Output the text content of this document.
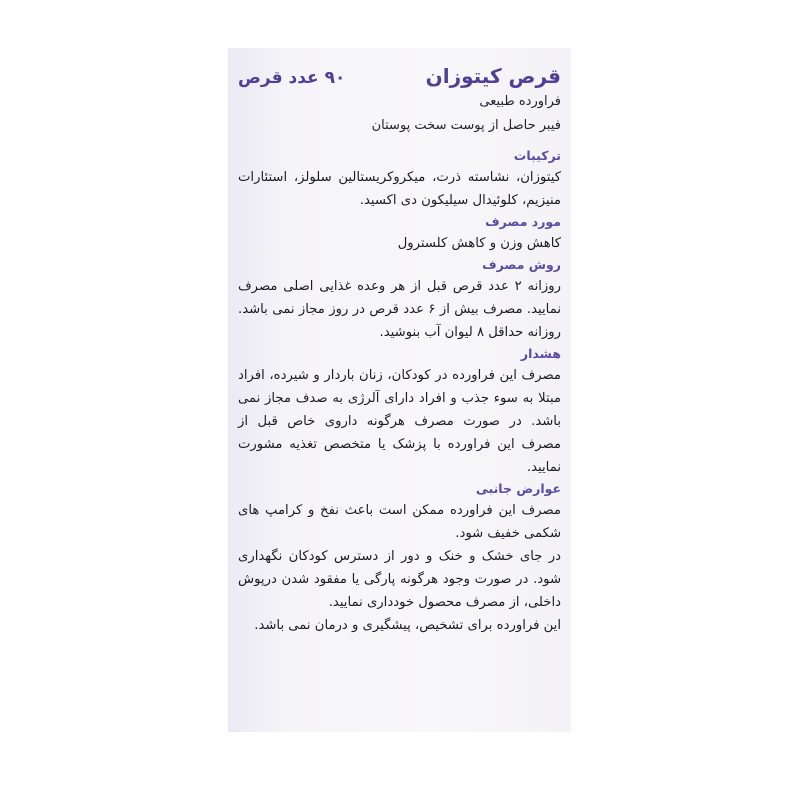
قرص کیتوزان
۹۰ عدد قرص
فراورده طبیعی
فیبر حاصل از پوست سخت پوستان
ترکیبات
کیتوزان، نشاسته ذرت، میکروکریستالین سلولز، استئارات منیزیم، کلوئیدال سیلیکون دی اکسید.
مورد مصرف
کاهش وزن و کاهش کلسترول
روش مصرف
روزانه ۲ عدد قرص قبل از هر وعده غذایی اصلی مصرف نمایید. مصرف بیش از ۶ عدد قرص در روز مجاز نمی باشد. روزانه حداقل ۸ لیوان آب بنوشید.
هشدار
مصرف این فراورده در کودکان، زنان باردار و شیرده، افراد مبتلا به سوء جذب و افراد دارای آلرژی به صدف مجاز نمی باشد. در صورت مصرف هرگونه داروی خاص قبل از مصرف این فراورده با پزشک یا متخصص تغذیه مشورت نمایید.
عوارض جانبی

مصرف این فراورده ممکن است باعث نفخ و کرامپ های شکمی خفیف شود.

در جای خشک و خنک و دور از دسترس کودکان نگهداری شود. در صورت وجود هرگونه پارگی یا مفقود شدن درپوش داخلی، از مصرف محصول خودداری نمایید.

این فراورده برای تشخیص، پیشگیری و درمان نمی باشد.
